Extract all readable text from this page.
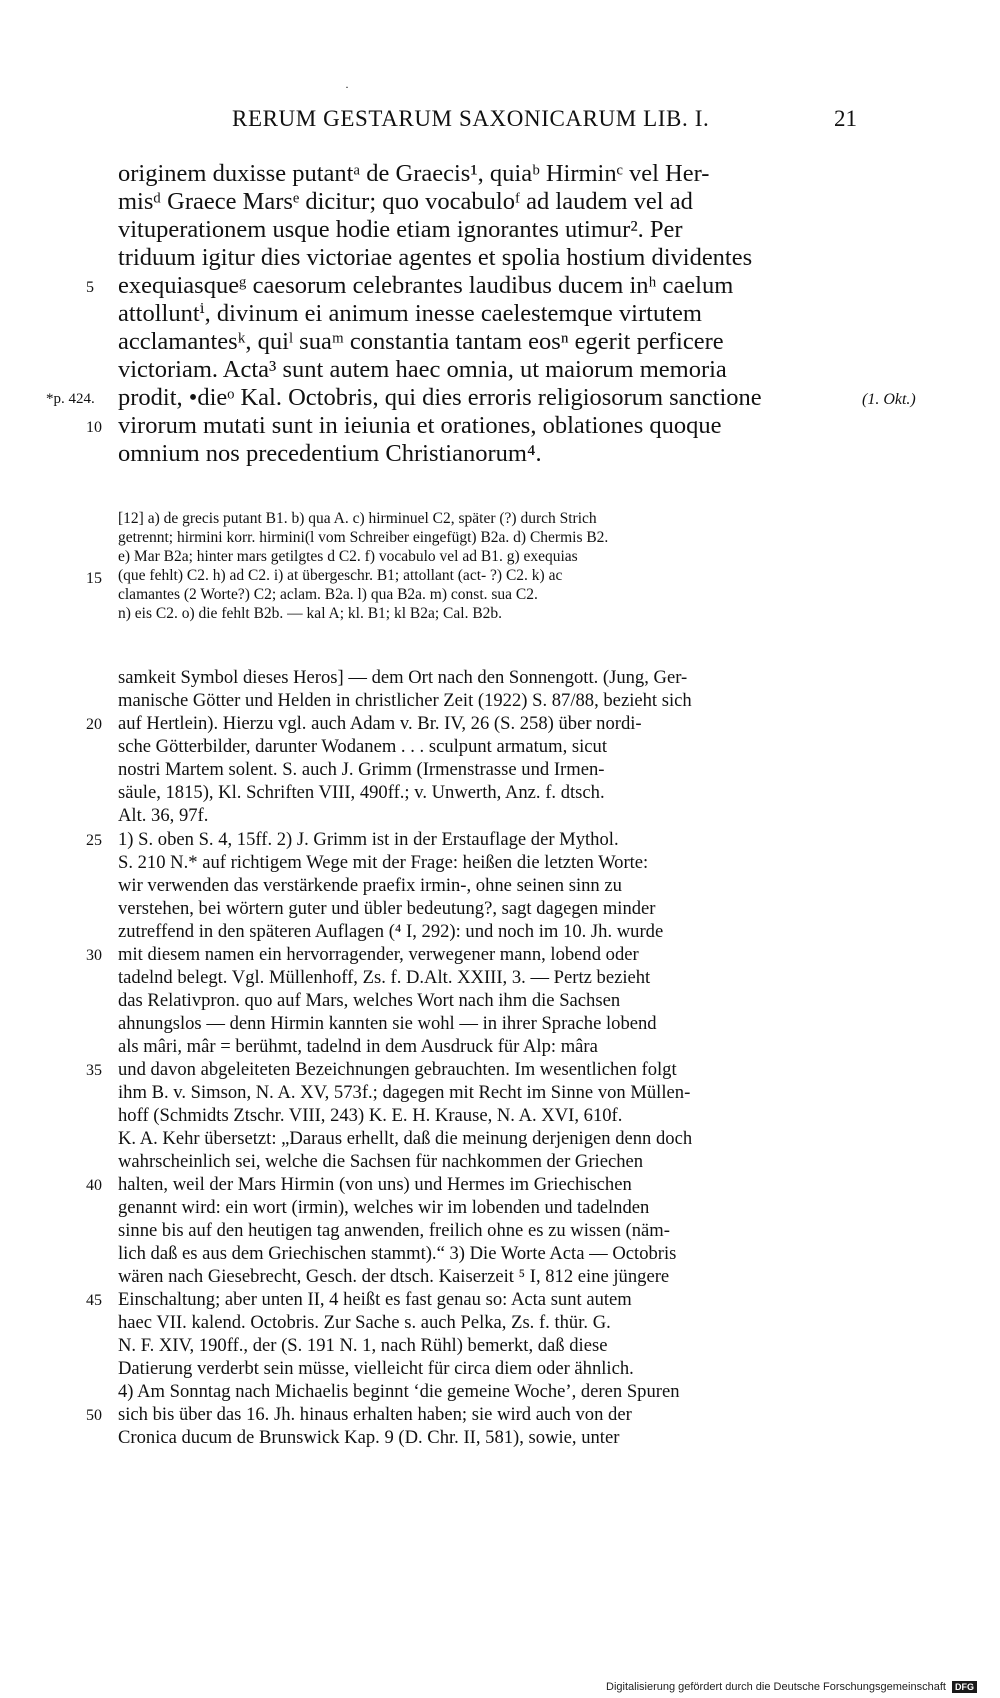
·
RERUM GESTARUM SAXONICARUM LIB. I.	21
originem duxisse putantᵃ de Graecis¹, quiaᵇ Hirminᶜ vel Her-
misᵈ Graece Marsᵉ dicitur; quo vocabuloᶠ ad laudem vel ad
vituperationem usque hodie etiam ignorantes utimur². Per
triduum igitur dies victoriae agentes et spolia hostium dividentes
exequiasqueᵍ caesorum celebrantes laudibus ducem inʰ caelum
attolluntⁱ, divinum ei animum inesse caelestemque virtutem
acclamantesᵏ, quiˡ suaᵐ constantia tantam eosⁿ egerit perficere
victoriam. Acta³ sunt autem haec omnia, ut maiorum memoria
prodit, •dieᵒ Kal. Octobris, qui dies erroris religiosorum sanctione
virorum mutati sunt in ieiunia et orationes, oblationes quoque
omnium nos precedentium Christianorum⁴.
*p. 424.	(1. Okt.)
[12] a) de grecis putant B1. b) qua A. c) hirminuel C2, später (?) durch Strich
getrennt; hirmini korr. hirmini(l vom Schreiber eingefügt) B2a. d) Chermis B2.
e) Mar B2a; hinter mars getilgtes d C2. f) vocabulo vel ad B1. g) exequias
(que fehlt) C2. h) ad C2. i) at übergeschr. B1; attollant (act- ?) C2. k) ac
clamantes (2 Worte?) C2; aclam. B2a. l) qua B2a. m) const. sua C2.
n) eis C2. o) die fehlt B2b. — kal A; kl. B1; kl B2a; Cal. B2b.
samkeit Symbol dieses Heros] — dem Ort nach den Sonnengott. (Jung, Ger-
manische Götter und Helden in christlicher Zeit (1922) S. 87/88, bezieht sich
auf Hertlein). Hierzu vgl. auch Adam v. Br. IV, 26 (S. 258) über nordi-
sche Götterbilder, darunter Wodanem . . . sculpunt armatum, sicut
nostri Martem solent. S. auch J. Grimm (Irmenstrasse und Irmen-
säule, 1815), Kl. Schriften VIII, 490ff.; v. Unwerth, Anz. f. dtsch.
Alt. 36, 97f.
1) S. oben S. 4, 15ff. 2) J. Grimm ist in der Erstauflage der Mythol.
S. 210 N.* auf richtigem Wege mit der Frage: heißen die letzten Worte:
wir verwenden das verstärkende praefix irmin-, ohne seinen sinn zu
verstehen, bei wörtern guter und übler bedeutung?, sagt dagegen minder
zutreffend in den späteren Auflagen (⁴ I, 292): und noch im 10. Jh. wurde
mit diesem namen ein hervorragender, verwegener mann, lobend oder
tadelnd belegt. Vgl. Müllenhoff, Zs. f. D.Alt. XXIII, 3. — Pertz bezieht
das Relativpron. quo auf Mars, welches Wort nach ihm die Sachsen
ahnungslos — denn Hirmin kannten sie wohl — in ihrer Sprache lobend
als mâri, mâr = berühmt, tadelnd in dem Ausdruck für Alp: mâra
und davon abgeleiteten Bezeichnungen gebrauchten. Im wesentlichen folgt
ihm B. v. Simson, N. A. XV, 573f.; dagegen mit Recht im Sinne von Müllen-
hoff (Schmidts Ztschr. VIII, 243) K. E. H. Krause, N. A. XVI, 610f.
K. A. Kehr übersetzt: „Daraus erhellt, daß die meinung derjenigen denn doch
wahrscheinlich sei, welche die Sachsen für nachkommen der Griechen
halten, weil der Mars Hirmin (von uns) und Hermes im Griechischen
genannt wird: ein wort (irmin), welches wir im lobenden und tadelnden
sinne bis auf den heutigen tag anwenden, freilich ohne es zu wissen (näm-
lich daß es aus dem Griechischen stammt).“ 3) Die Worte Acta — Octobris
wären nach Giesebrecht, Gesch. der dtsch. Kaiserzeit ⁵ I, 812 eine jüngere
Einschaltung; aber unten II, 4 heißt es fast genau so: Acta sunt autem
haec VII. kalend. Octobris. Zur Sache s. auch Pelka, Zs. f. thür. G.
N. F. XIV, 190ff., der (S. 191 N. 1, nach Rühl) bemerkt, daß diese
Datierung verderbt sein müsse, vielleicht für circa diem oder ähnlich.
4) Am Sonntag nach Michaelis beginnt ‘die gemeine Woche’, deren Spuren
sich bis über das 16. Jh. hinaus erhalten haben; sie wird auch von der
Cronica ducum de Brunswick Kap. 9 (D. Chr. II, 581), sowie, unter
5
10
15
20
25
30
35
40
45
50
Digitalisierung gefördert durch die Deutsche Forschungsgemeinschaft DFG
